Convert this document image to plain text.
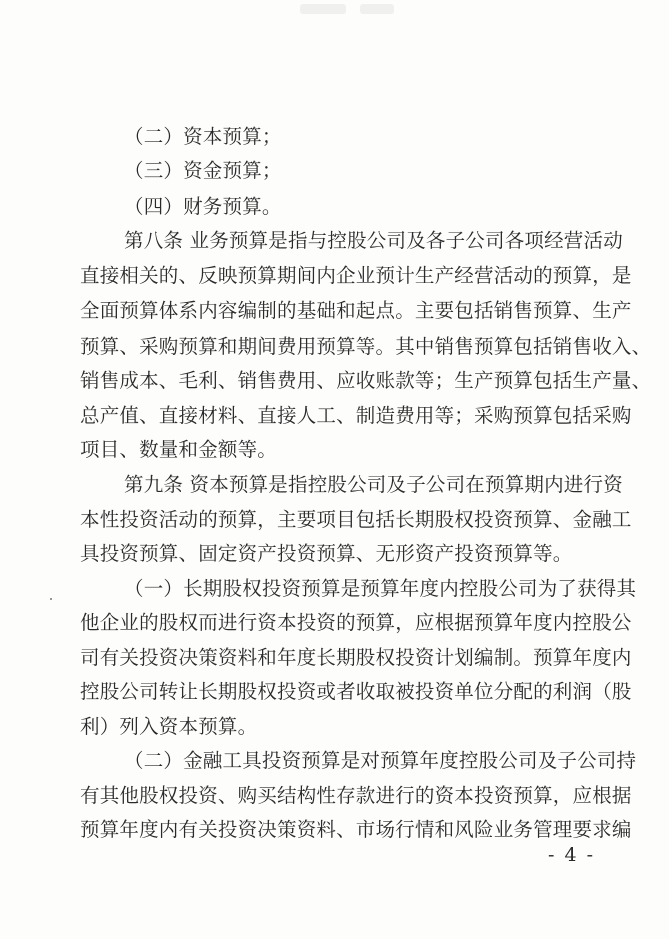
（二）资本预算；
（三）资金预算；
（四）财务预算。
第八条 业务预算是指与控股公司及各子公司各项经营活动
直接相关的、反映预算期间内企业预计生产经营活动的预算，是
全面预算体系内容编制的基础和起点。主要包括销售预算、生产
预算、采购预算和期间费用预算等。其中销售预算包括销售收入、
销售成本、毛利、销售费用、应收账款等；生产预算包括生产量、
总产值、直接材料、直接人工、制造费用等；采购预算包括采购
项目、数量和金额等。
第九条 资本预算是指控股公司及子公司在预算期内进行资
本性投资活动的预算，主要项目包括长期股权投资预算、金融工
具投资预算、固定资产投资预算、无形资产投资预算等。
（一）长期股权投资预算是预算年度内控股公司为了获得其
他企业的股权而进行资本投资的预算，应根据预算年度内控股公
司有关投资决策资料和年度长期股权投资计划编制。预算年度内
控股公司转让长期股权投资或者收取被投资单位分配的利润（股
利）列入资本预算。
（二）金融工具投资预算是对预算年度控股公司及子公司持
有其他股权投资、购买结构性存款进行的资本投资预算，应根据
预算年度内有关投资决策资料、市场行情和风险业务管理要求编
- 4 -
